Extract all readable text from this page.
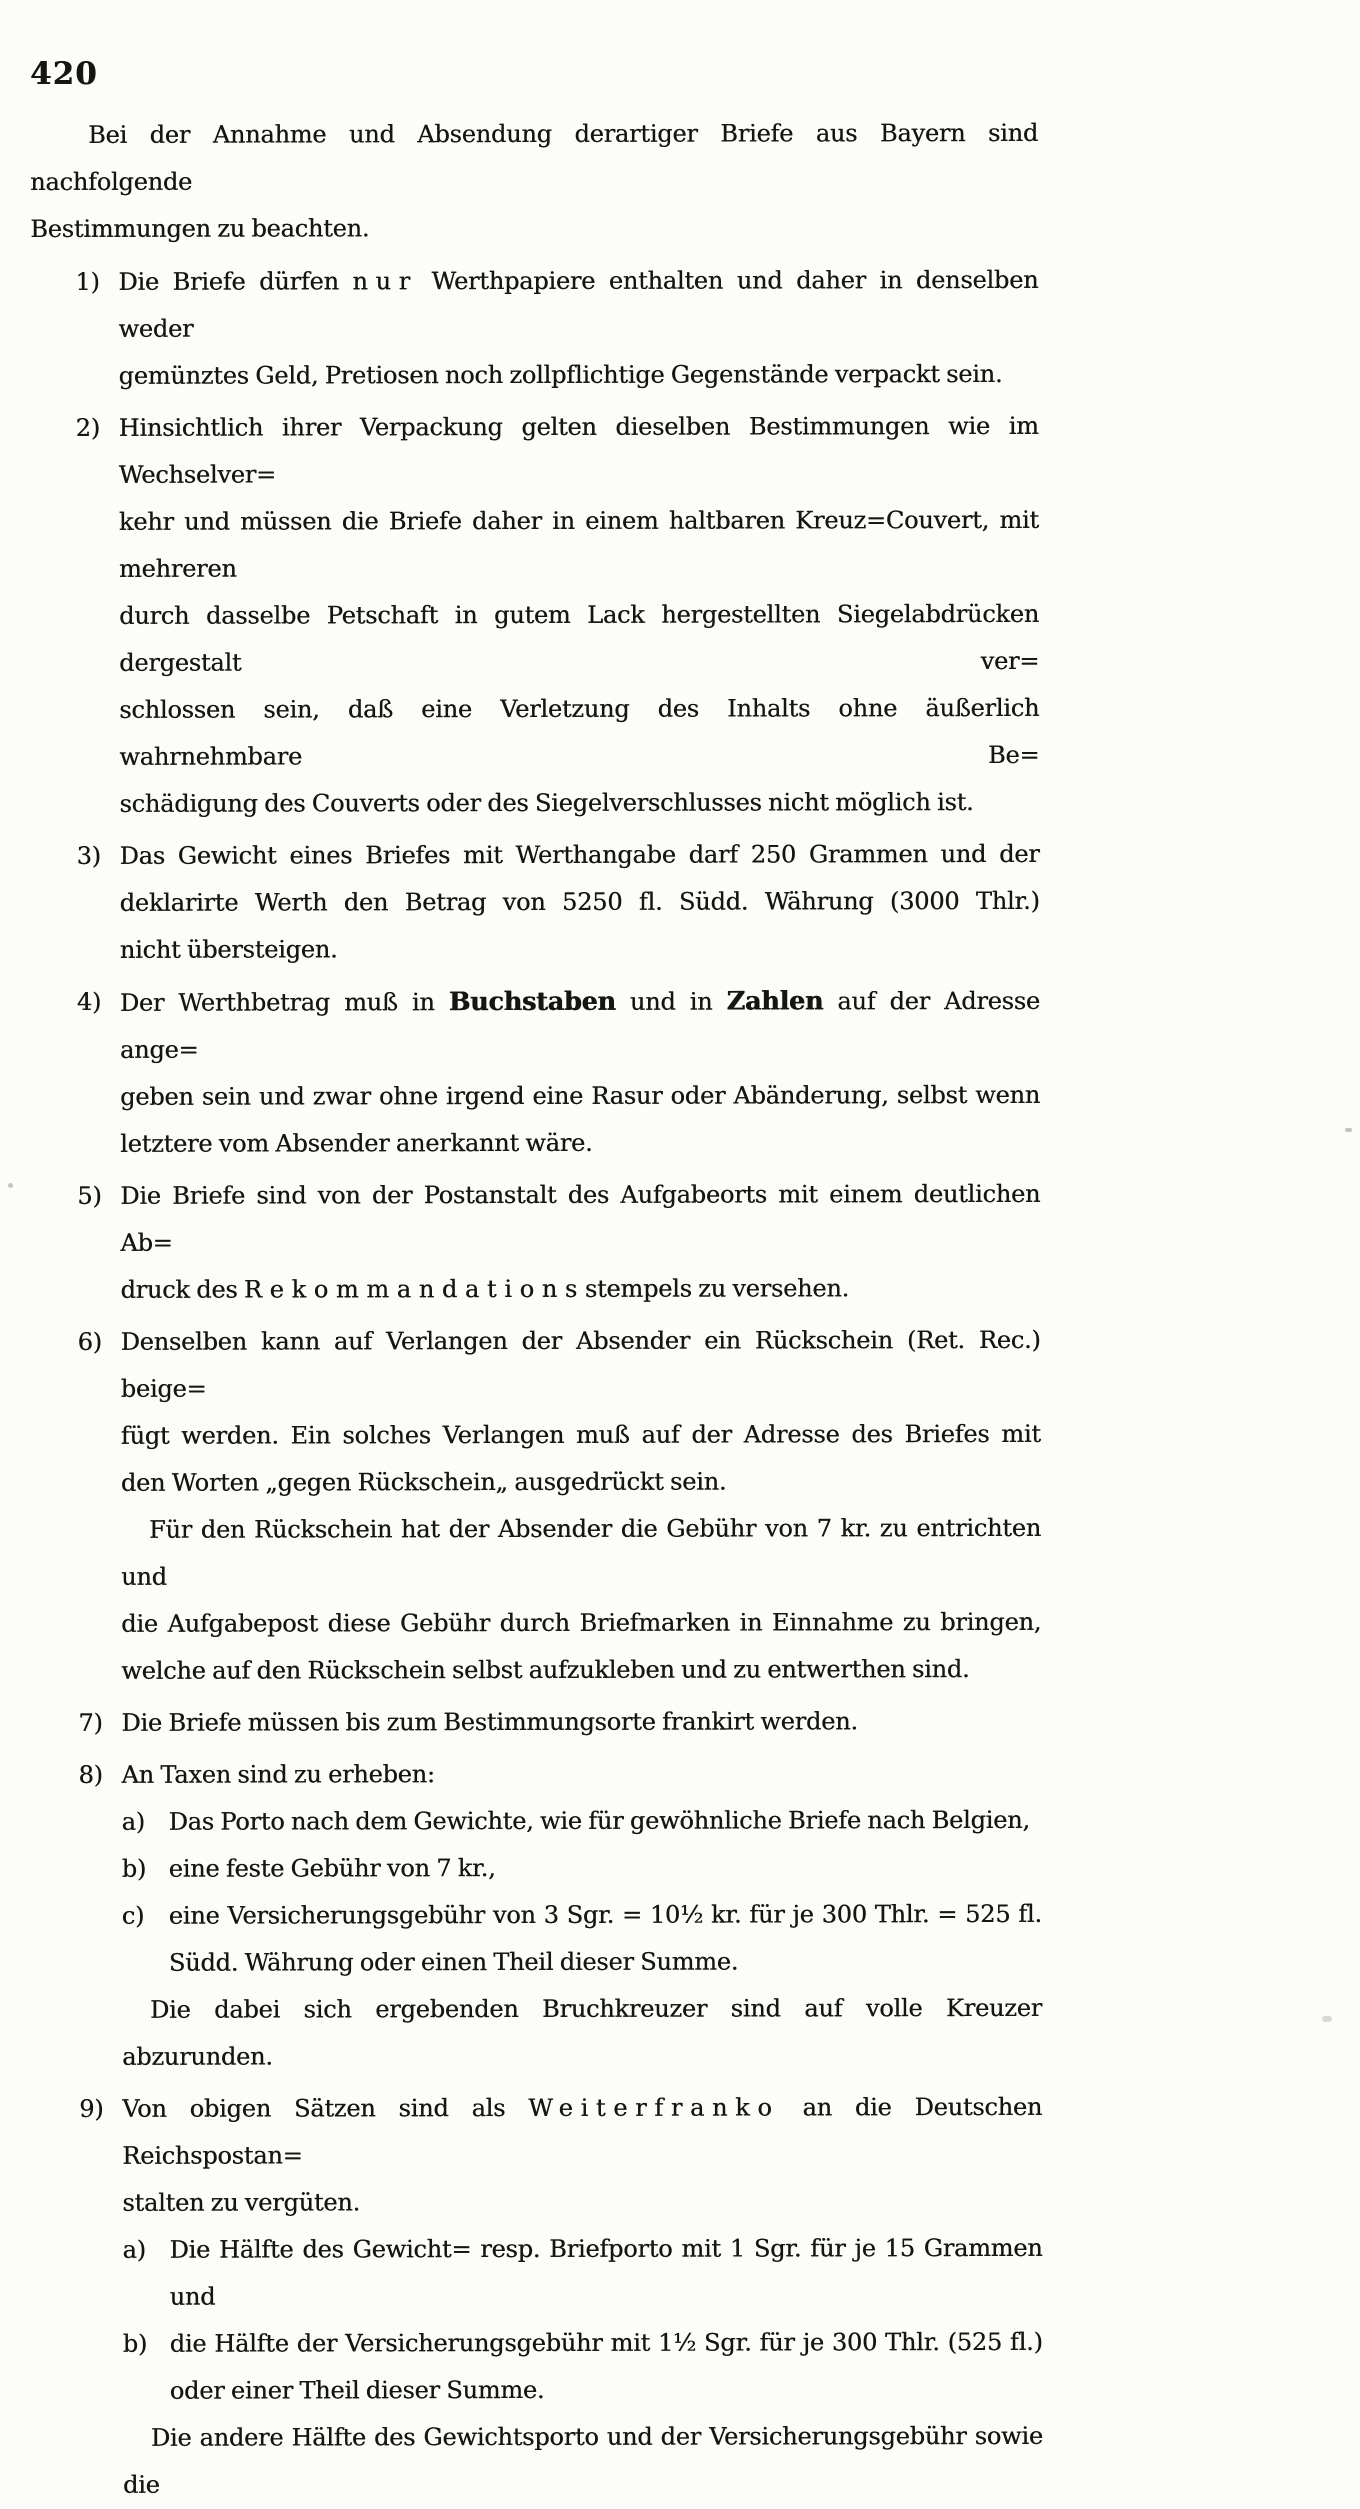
420
Bei der Annahme und Absendung derartiger Briefe aus Bayern sind nachfolgende
Bestimmungen zu beachten.
1) Die Briefe dürfen nur Werthpapiere enthalten und daher in denselben weder
gemünztes Geld, Pretiosen noch zollpflichtige Gegenstände verpackt sein.
2) Hinsichtlich ihrer Verpackung gelten dieselben Bestimmungen wie im Wechselver=
kehr und müssen die Briefe daher in einem haltbaren Kreuz=Couvert, mit mehreren
durch dasselbe Petschaft in gutem Lack hergestellten Siegelabdrücken dergestalt ver=
schlossen sein, daß eine Verletzung des Inhalts ohne äußerlich wahrnehmbare Be=
schädigung des Couverts oder des Siegelverschlusses nicht möglich ist.
3) Das Gewicht eines Briefes mit Werthangabe darf 250 Grammen und der
deklarirte Werth den Betrag von 5250 fl. Südd. Währung (3000 Thlr.)
nicht übersteigen.
4) Der Werthbetrag muß in Buchstaben und in Zahlen auf der Adresse ange=
geben sein und zwar ohne irgend eine Rasur oder Abänderung, selbst wenn
letztere vom Absender anerkannt wäre.
5) Die Briefe sind von der Postanstalt des Aufgabeorts mit einem deutlichen Ab=
druck des Rekommandationsstempels zu versehen.
6) Denselben kann auf Verlangen der Absender ein Rückschein (Ret. Rec.) beige=
fügt werden. Ein solches Verlangen muß auf der Adresse des Briefes mit
den Worten „gegen Rückschein„ ausgedrückt sein.
Für den Rückschein hat der Absender die Gebühr von 7 kr. zu entrichten und
die Aufgabepost diese Gebühr durch Briefmarken in Einnahme zu bringen,
welche auf den Rückschein selbst aufzukleben und zu entwerthen sind.
7) Die Briefe müssen bis zum Bestimmungsorte frankirt werden.
8) An Taxen sind zu erheben:
a) Das Porto nach dem Gewichte, wie für gewöhnliche Briefe nach Belgien,
b) eine feste Gebühr von 7 kr.,
c) eine Versicherungsgebühr von 3 Sgr. = 10½ kr. für je 300 Thlr. = 525 fl.
Südd. Währung oder einen Theil dieser Summe.
Die dabei sich ergebenden Bruchkreuzer sind auf volle Kreuzer abzurunden.
9) Von obigen Sätzen sind als Weiterfranko an die Deutschen Reichspostan=
stalten zu vergüten.
a) Die Hälfte des Gewicht= resp. Briefporto mit 1 Sgr. für je 15 Grammen und
b) die Hälfte der Versicherungsgebühr mit 1½ Sgr. für je 300 Thlr. (525 fl.)
oder einer Theil dieser Summe.
Die andere Hälfte des Gewichtsporto und der Versicherungsgebühr sowie die
